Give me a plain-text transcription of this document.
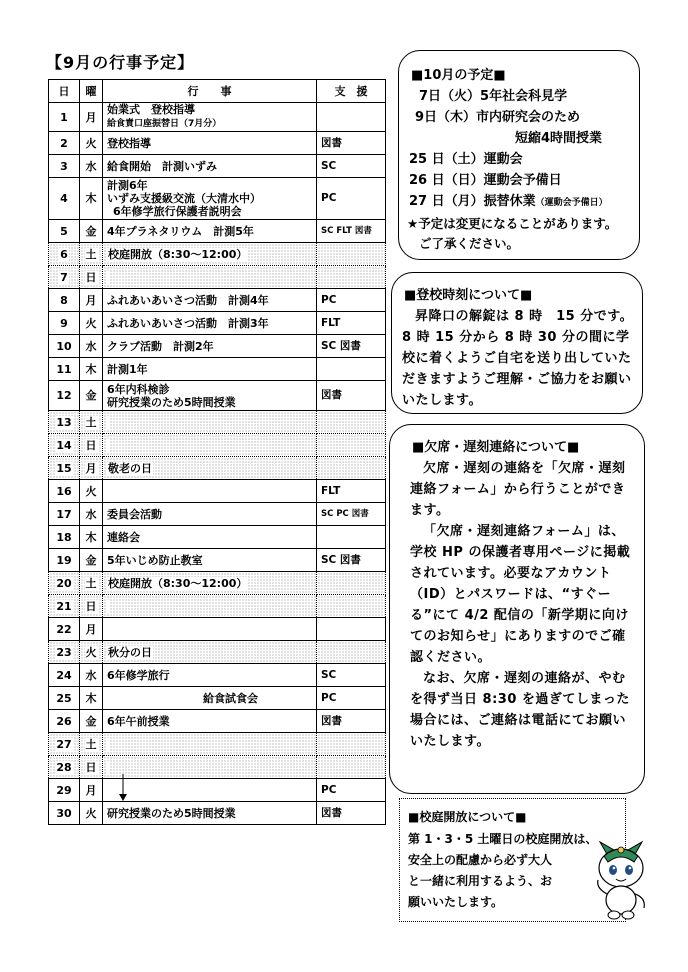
【9月の行事予定】
日	曜	行　　事	支　援
1	月	始業式　登校指導
給食責口座振替日（7月分）	
2	火	登校指導	図書
3	水	給食開始　計測いずみ	SC
4	木	計測6年
いずみ支援級交流（大清水中）
6年修学旅行保護者説明会	PC
5	金	4年プラネタリウム　計測5年	SC FLT 図書
6	土	校庭開放（8:30～12:00）	
7	日		
8	月	ふれあいあいさつ活動　計測4年	PC
9	火	ふれあいあいさつ活動　計測3年	FLT
10	水	クラブ活動　計測2年	SC 図書
11	木	計測1年	
12	金	6年内科検診
研究授業のため5時間授業	図書
13	土		
14	日		
15	月	敬老の日	
16	火		FLT
17	水	委員会活動	SC PC 図書
18	木	連絡会	
19	金	5年いじめ防止教室	SC 図書
20	土	校庭開放（8:30～12:00）	
21	日		
22	月		
23	火	秋分の日	
24	水	6年修学旅行	SC
25	木	給食試食会	PC
26	金	6年午前授業	図書
27	土		
28	日		
29	月		PC
30	火	研究授業のため5時間授業	図書
■10月の予定■
7日（火）5年社会科見学
9日（木）市内研究会のため
短縮4時間授業
25 日（土）運動会
26 日（日）運動会予備日
27 日（月）振替休業（運動会予備日）
★予定は変更になることがあります。
ご了承ください。
■登校時刻について■
昇降口の解錠は 8 時　15 分です。8 時 15 分から 8 時 30 分の間に学校に着くようご自宅を送り出していただきますようご理解・ご協力をお願いいたします。
■欠席・遅刻連絡について■
欠席・遅刻の連絡を「欠席・遅刻連絡フォーム」から行うことができます。
「欠席・遅刻連絡フォーム」は、学校 HP の保護者専用ページに掲載されています。必要なアカウント（ID）とパスワードは、“すぐーる”にて 4/2 配信の「新学期に向けてのお知らせ」にありますのでご確認ください。
なお、欠席・遅刻の連絡が、やむを得ず当日 8:30 を過ぎてしまった場合には、ご連絡は電話にてお願いいたします。
■校庭開放について■
第 1・3・5 土曜日の校庭開放は、
安全上の配慮から必ず大人
と一緒に利用するよう、お
願いいたします。
